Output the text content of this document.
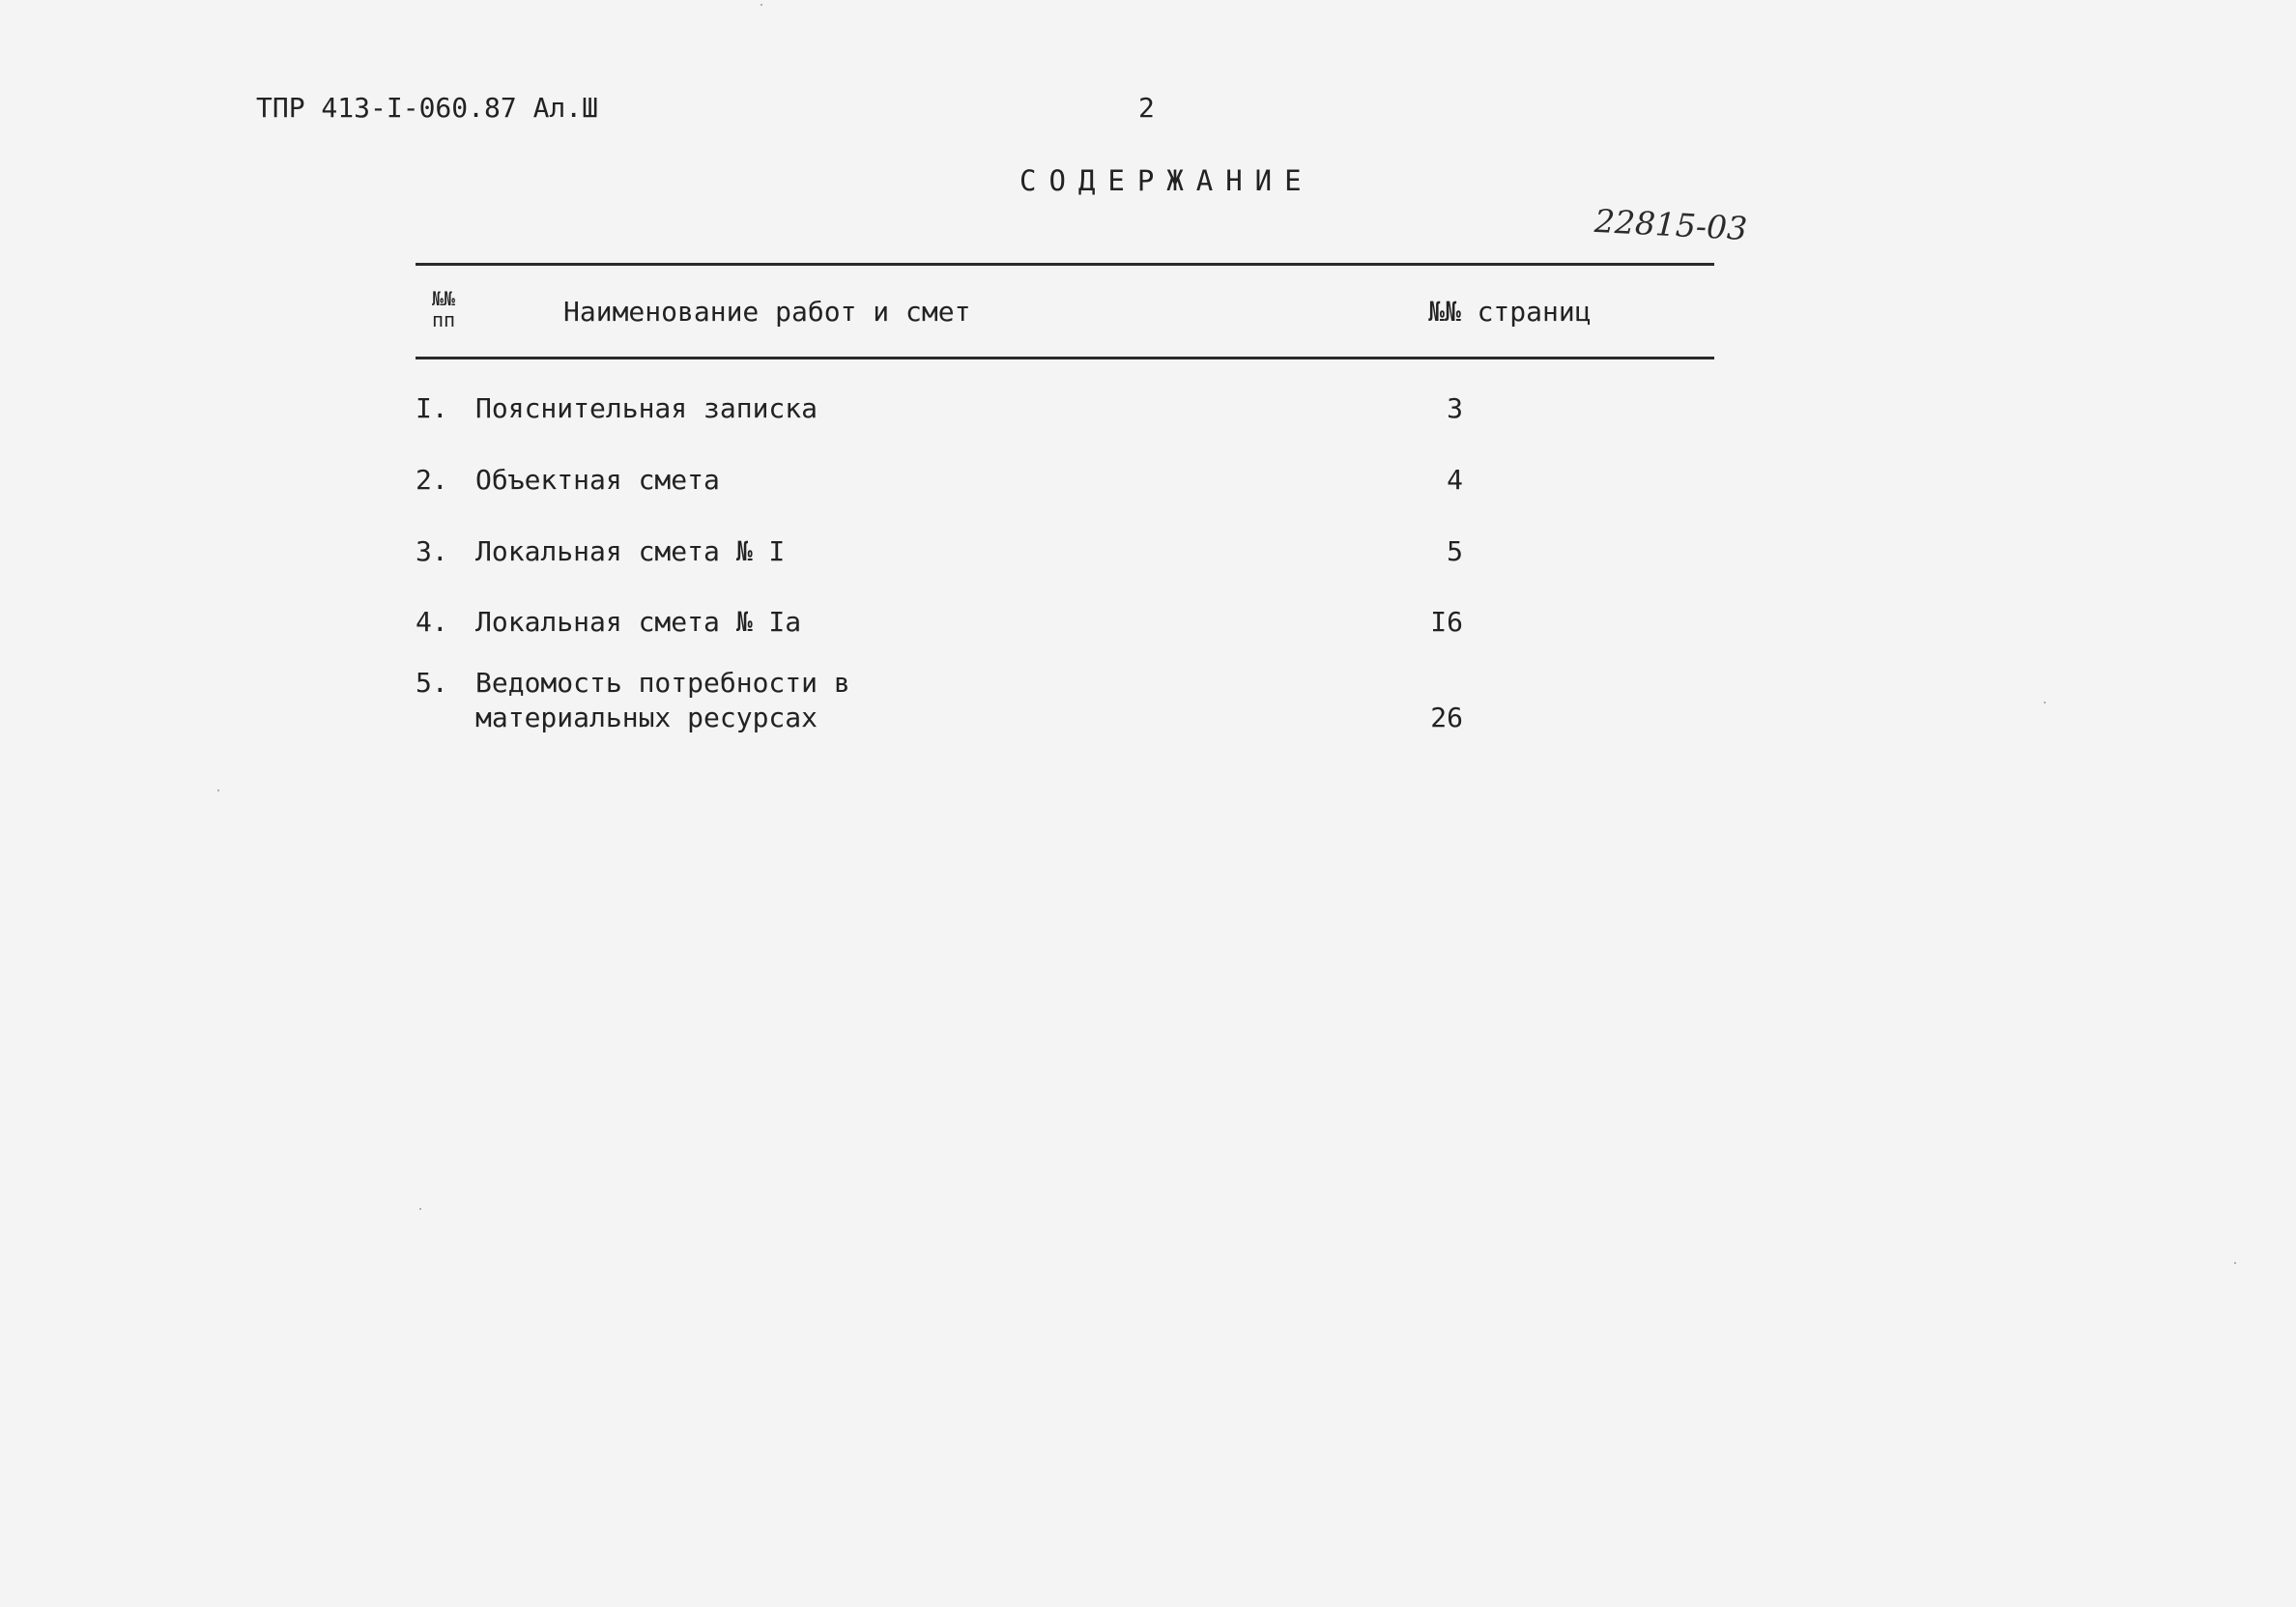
ТПР 413-I-060.87 Ал.Ш	2
СОДЕРЖАНИЕ
22815-03
№№
пп	Наименование работ и смет	№№ страниц
I. Пояснительная записка	3
2. Объектная смета	4
3. Локальная смета № I	5
4. Локальная смета № Iа	I6
5. Ведомость потребности в
материальных ресурсах	26
